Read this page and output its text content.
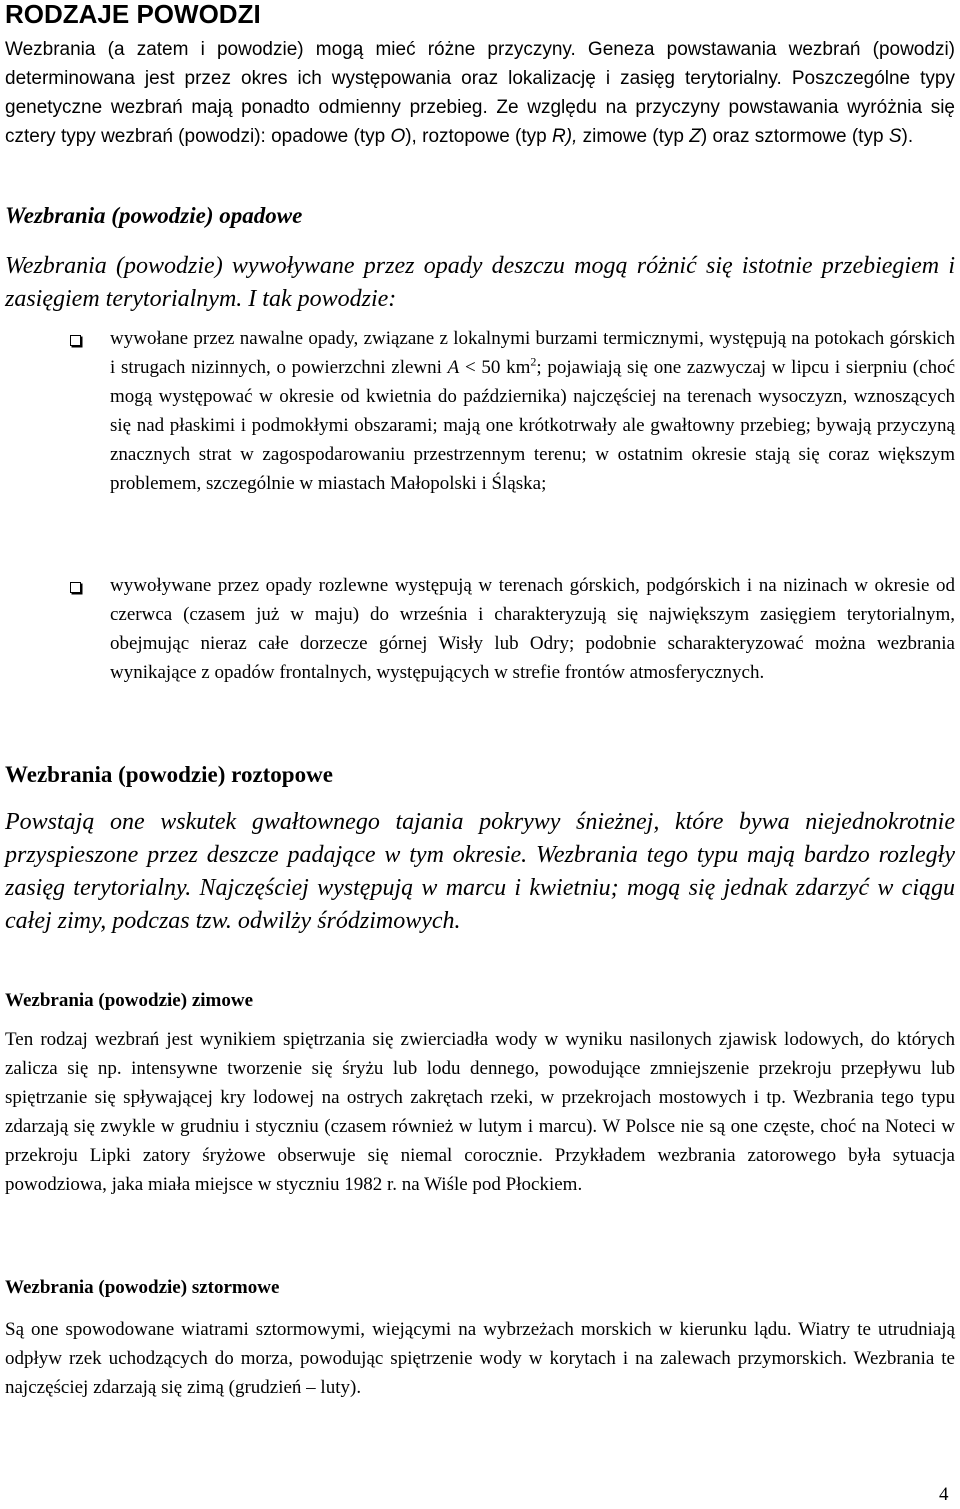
RODZAJE POWODZI

Wezbrania (a zatem i powodzie) mogą mieć różne przyczyny. Geneza powstawania wezbrań (powodzi) determinowana jest przez okres ich występowania oraz lokalizację i zasięg terytorialny. Poszczególne typy genetyczne wezbrań mają ponadto odmienny przebieg. Ze względu na przyczyny powstawania wyróżnia się cztery typy wezbrań (powodzi): opadowe (typ O), roztopowe (typ R), zimowe (typ Z) oraz sztormowe (typ S).

Wezbrania (powodzie) opadowe

Wezbrania (powodzie) wywoływane przez opady deszczu mogą różnić się istotnie przebiegiem i zasięgiem terytorialnym. I tak powodzie:

wywołane przez nawalne opady, związane z lokalnymi burzami termicznymi, występują na potokach górskich i strugach nizinnych, o powierzchni zlewni A < 50 $km^2$; pojawiają się one zazwyczaj w lipcu i sierpniu (choć mogą występować w okresie od kwietnia do października) najczęściej na terenach wysoczyzn, wznoszących się nad płaskimi i podmokłymi obszarami; mają one krótkotrwały ale gwałtowny przebieg; bywają przyczyną znacznych strat w zagospodarowaniu przestrzennym terenu; w ostatnim okresie stają się coraz większym problemem, szczególnie w miastach Małopolski i Śląska;

wywoływane przez opady rozlewne występują w terenach górskich, podgórskich i na nizinach w okresie od czerwca (czasem już w maju) do września i charakteryzują się największym zasięgiem terytorialnym, obejmując nieraz całe dorzecze górnej Wisły lub Odry; podobnie scharakteryzować można wezbrania wynikające z opadów frontalnych, występujących w strefie frontów atmosferycznych.

Wezbrania (powodzie) roztopowe

Powstają one wskutek gwałtownego tajania pokrywy śnieżnej, które bywa niejednokrotnie przyspieszone przez deszcze padające w tym okresie. Wezbrania tego typu mają bardzo rozległy zasięg terytorialny. Najczęściej występują w marcu i kwietniu; mogą się jednak zdarzyć w ciągu całej zimy, podczas tzw. odwilży śródzimowych.

Wezbrania (powodzie) zimowe

Ten rodzaj wezbrań jest wynikiem spiętrzania się zwierciadła wody w wyniku nasilonych zjawisk lodowych, do których zalicza się np. intensywne tworzenie się śryżu lub lodu dennego, powodujące zmniejszenie przekroju przepływu lub spiętrzanie się spływającej kry lodowej na ostrych zakrętach rzeki, w przekrojach mostowych i tp. Wezbrania tego typu zdarzają się zwykle w grudniu i styczniu (czasem również w lutym i marcu). W Polsce nie są one częste, choć na Noteci w przekroju Lipki zatory śryżowe obserwuje się niemal corocznie. Przykładem wezbrania zatorowego była sytuacja powodziowa, jaka miała miejsce w styczniu 1982 r. na Wiśle pod Płockiem.

Wezbrania (powodzie) sztormowe

Są one spowodowane wiatrami sztormowymi, wiejącymi na wybrzeżach morskich w kierunku lądu. Wiatry te utrudniają odpływ rzek uchodzących do morza, powodując spiętrzenie wody w korytach i na zalewach przymorskich. Wezbrania te najczęściej zdarzają się zimą (grudzień – luty).

4
